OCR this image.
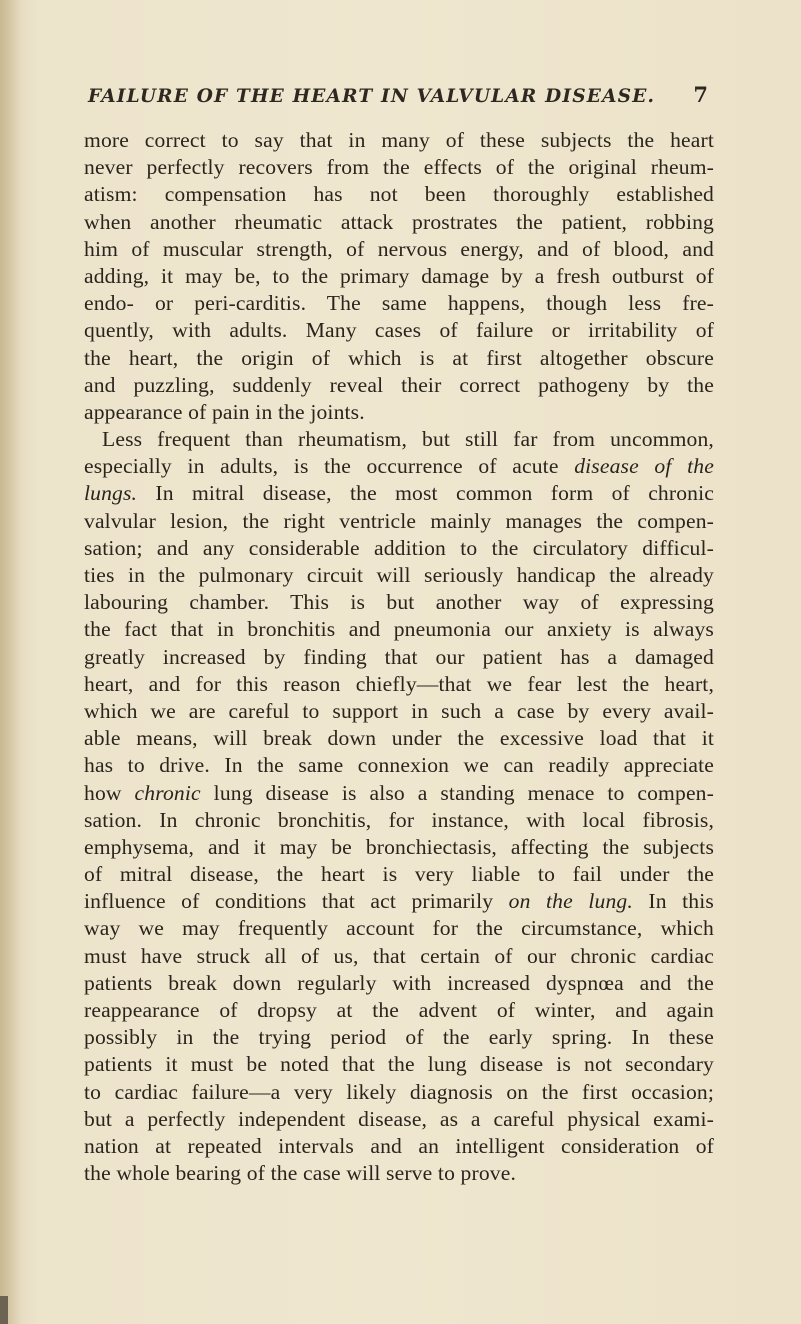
FAILURE OF THE HEART IN VALVULAR DISEASE. 7
more correct to say that in many of these subjects the heart
never perfectly recovers from the effects of the original rheum-
atism: compensation has not been thoroughly established
when another rheumatic attack prostrates the patient, robbing
him of muscular strength, of nervous energy, and of blood, and
adding, it may be, to the primary damage by a fresh outburst of
endo- or peri-carditis. The same happens, though less fre-
quently, with adults. Many cases of failure or irritability of
the heart, the origin of which is at first altogether obscure
and puzzling, suddenly reveal their correct pathogeny by the
appearance of pain in the joints.
Less frequent than rheumatism, but still far from uncommon,
especially in adults, is the occurrence of acute disease of the
lungs. In mitral disease, the most common form of chronic
valvular lesion, the right ventricle mainly manages the compen-
sation; and any considerable addition to the circulatory difficul-
ties in the pulmonary circuit will seriously handicap the already
labouring chamber. This is but another way of expressing
the fact that in bronchitis and pneumonia our anxiety is always
greatly increased by finding that our patient has a damaged
heart, and for this reason chiefly—that we fear lest the heart,
which we are careful to support in such a case by every avail-
able means, will break down under the excessive load that it
has to drive. In the same connexion we can readily appreciate
how chronic lung disease is also a standing menace to compen-
sation. In chronic bronchitis, for instance, with local fibrosis,
emphysema, and it may be bronchiectasis, affecting the subjects
of mitral disease, the heart is very liable to fail under the
influence of conditions that act primarily on the lung. In this
way we may frequently account for the circumstance, which
must have struck all of us, that certain of our chronic cardiac
patients break down regularly with increased dyspnœa and the
reappearance of dropsy at the advent of winter, and again
possibly in the trying period of the early spring. In these
patients it must be noted that the lung disease is not secondary
to cardiac failure—a very likely diagnosis on the first occasion;
but a perfectly independent disease, as a careful physical exami-
nation at repeated intervals and an intelligent consideration of
the whole bearing of the case will serve to prove.
